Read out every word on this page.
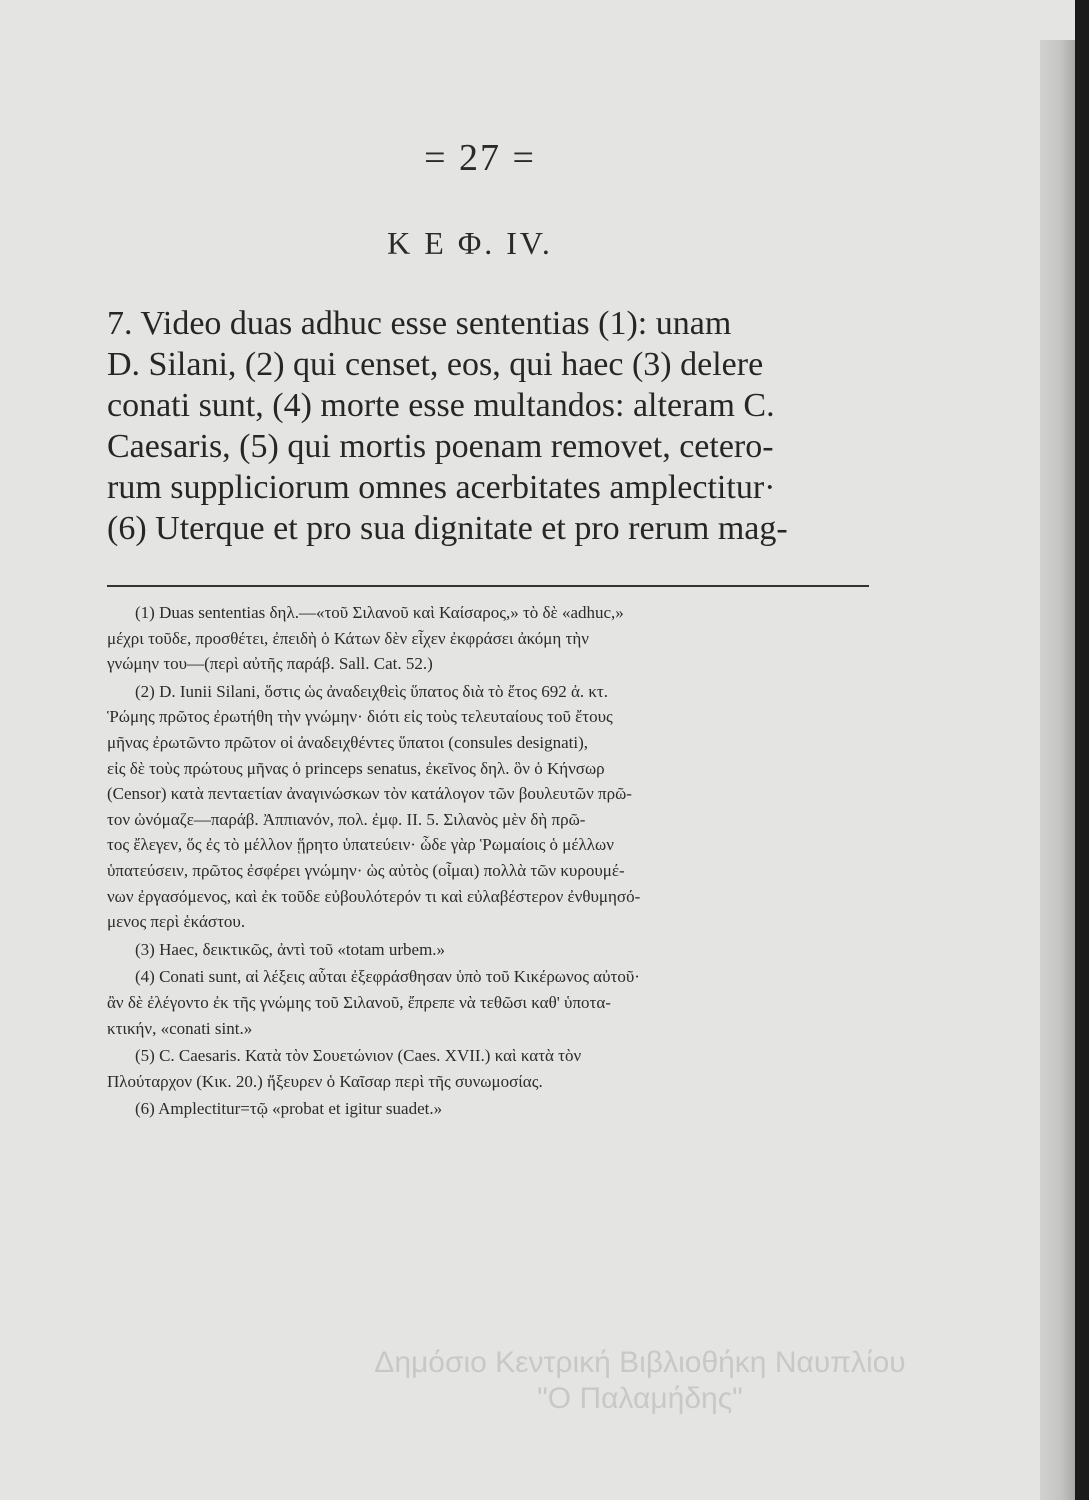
= 27 =
Κ Ε Φ. IV.
7. Video duas adhuc esse sententias (1): unam
D. Silani, (2) qui censet, eos, qui haec (3) delere
conati sunt, (4) morte esse multandos: alteram C.
Caesaris, (5) qui mortis poenam removet, cetero-
rum suppliciorum omnes acerbitates amplectitur·
(6) Uterque et pro sua dignitate et pro rerum mag-
(1) Duas sententias δηλ.—«τοῦ Σιλανοῦ καὶ Καίσαρος,» τὸ δὲ «adhuc,»
μέχρι τοῦδε, προσθέτει, ἐπειδὴ ὁ Κάτων δὲν εἶχεν ἐκφράσει ἀκόμη τὴν
γνώμην του—(περὶ αὐτῆς παράβ. Sall. Cat. 52.)
(2) D. Iunii Silani, ὅστις ὡς ἀναδειχθεὶς ὕπατος διὰ τὸ ἔτος 692 ἀ. κτ.
Ῥώμης πρῶτος ἐρωτήθη τὴν γνώμην· διότι εἰς τοὺς τελευταίους τοῦ ἔτους
μῆνας ἐρωτῶντο πρῶτον οἱ ἀναδειχθέντες ὕπατοι (consules designati),
εἰς δὲ τοὺς πρώτους μῆνας ὁ princeps senatus, ἐκεῖνος δηλ. ὃν ὁ Κήνσωρ
(Censor) κατὰ πενταετίαν ἀναγινώσκων τὸν κατάλογον τῶν βουλευτῶν πρῶ-
τον ὠνόμαζε—παράβ. Ἀππιανόν, πολ. ἐμφ. II. 5. Σιλανὸς μὲν δὴ πρῶ-
τος ἔλεγεν, ὅς ἐς τὸ μέλλον ᾕρητο ὑπατεύειν· ὧδε γὰρ Ῥωμαίοις ὁ μέλλων
ὑπατεύσειν, πρῶτος ἐσφέρει γνώμην· ὡς αὐτὸς (οἶμαι) πολλὰ τῶν κυρουμέ-
νων ἐργασόμενος, καὶ ἐκ τοῦδε εὐβουλότερόν τι καὶ εὐλαβέστερον ἐνθυμησό-
μενος περὶ ἑκάστου.
(3) Haec, δεικτικῶς, ἀντὶ τοῦ «totam urbem.»
(4) Conati sunt, αἱ λέξεις αὗται ἐξεφράσθησαν ὑπὸ τοῦ Κικέρωνος αὐτοῦ·
ἂν δὲ ἐλέγοντο ἐκ τῆς γνώμης τοῦ Σιλανοῦ, ἔπρεπε νὰ τεθῶσι καθ' ὑποτα-
κτικήν, «conati sint.»
(5) C. Caesaris. Κατὰ τὸν Σουετώνιον (Caes. XVII.) καὶ κατὰ τὸν
Πλούταρχον (Κικ. 20.) ἤξευρεν ὁ Καῖσαρ περὶ τῆς συνωμοσίας.
(6) Amplectitur=τῷ «probat et igitur suadet.»
Δημόσιο Κεντρική Βιβλιοθήκη Ναυπλίου
"Ο Παλαμήδης"
